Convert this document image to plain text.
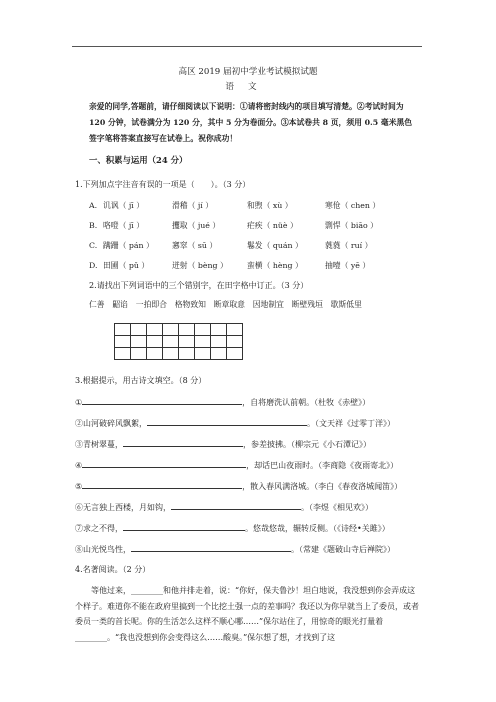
高区 2019 届初中学业考试模拟试题
语文
亲爱的同学,答题前，请仔细阅读以下说明：①请将密封线内的项目填写清楚。②考试时间为 120 分钟，试卷满分为 120 分，其中 5 分为卷面分。③本试卷共 8 页，须用 0.5 毫米黑色签字笔将答案直接写在试卷上。祝你成功！
一、积累与运用（24 分）
1.下列加点字注音有误的一项是（　　）。（3 分）
A. 讥讽（ jī ）	滑稽（ jí ）	和煦（ xù ）	寒伧（ chen ）
B. 咯噔（ jī ）	攫取（ jué ）	疟疾（ nüè ）	剽悍（ biāo ）
C. 蹒跚（ pán ） 窸窣（ sū ）	鬈发（ quán ）	蕤蕤（ ruí ）
D. 田圃（ pǔ ）	迸射（ bèng ） 蛮横（ hèng ）	抽噎（ yē ）
2.请找出下列词语中的三个错别字，在田字格中订正。（3 分）
仁善　鼦谄　一拍即合　格物致知　断章取意　因地制宜　断壁残垣　歇斯低里

3.根据提示，用古诗文填空。（8 分）
①	，自将磨洗认前朝。（杜牧《赤壁》）
②山河破碎风飘絮，	。（文天祥《过零丁洋》）
③青树翠蔓，	，参差披拂。（柳宗元《小石潭记》）
④	，却话巴山夜雨时。（李商隐《夜雨寄北》）
⑤	，散入春风满洛城。（李白《春夜洛城闻笛》）
⑥无言独上西楼，月如钩，	。（李煜《相见欢》）
⑦求之不得，	。悠哉悠哉，辗转反侧。（《诗经•关雎》）
⑧山光悦鸟性，	。（常建《题破山寺后禅院》）
4.名著阅读。（2 分）
等他过来，________和他并排走着，说：“你好，保夫鲁沙！坦白地说，我没想到你会弄成这个样子。难道你不能在政府里搞到一个比挖土强一点的差事吗？我还以为你早就当上了委员，或者委员一类的首长呢。你的生活怎么这样不顺心哪……”保尔站住了，用惊奇的眼光打量着________。“我也没想到你会变得这么……酸臭。”保尔想了想，才找到了这
